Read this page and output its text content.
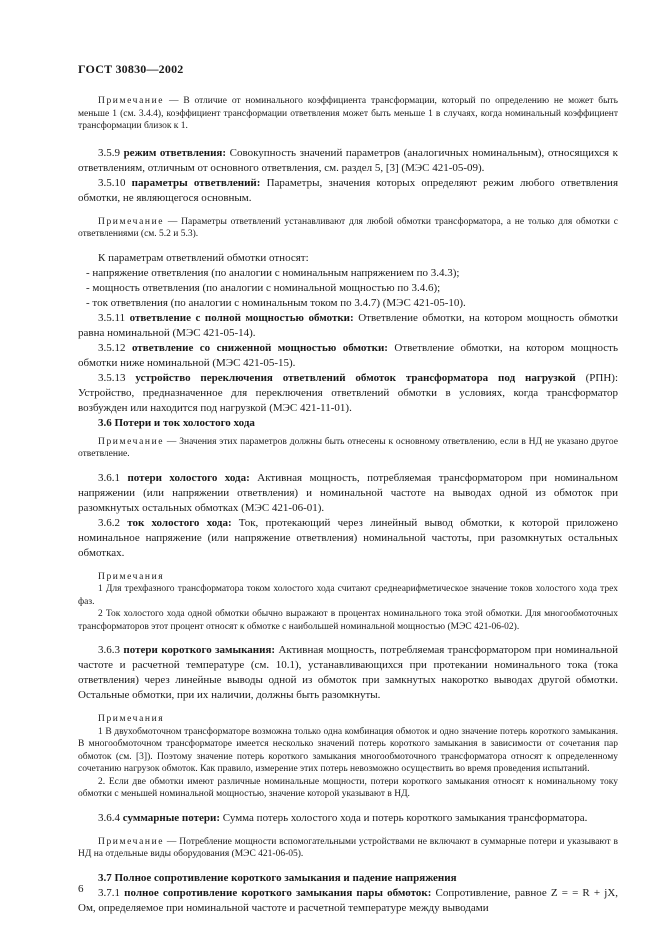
ГОСТ 30830—2002

Примечание — В отличие от номинального коэффициента трансформации, который по определению не может быть меньше 1 (см. 3.4.4), коэффициент трансформации ответвления может быть меньше 1 в случаях, когда номинальный коэффициент трансформации близок к 1.

3.5.9 режим ответвления: Совокупность значений параметров (аналогичных номинальным), относящихся к ответвлениям, отличным от основного ответвления, см. раздел 5, [3] (МЭС 421-05-09).

3.5.10 параметры ответвлений: Параметры, значения которых определяют режим любого ответвления обмотки, не являющегося основным.

Примечание — Параметры ответвлений устанавливают для любой обмотки трансформатора, а не только для обмотки с ответвлениями (см. 5.2 и 5.3).

К параметрам ответвлений обмотки относят:

- напряжение ответвления (по аналогии с номинальным напряжением по 3.4.3);

- мощность ответвления (по аналогии с номинальной мощностью по 3.4.6);

- ток ответвления (по аналогии с номинальным током по 3.4.7) (МЭС 421-05-10).

3.5.11 ответвление с полной мощностью обмотки: Ответвление обмотки, на котором мощность обмотки равна номинальной (МЭС 421-05-14).

3.5.12 ответвление со сниженной мощностью обмотки: Ответвление обмотки, на котором мощность обмотки ниже номинальной (МЭС 421-05-15).

3.5.13 устройство переключения ответвлений обмоток трансформатора под нагрузкой (РПН): Устройство, предназначенное для переключения ответвлений обмотки в условиях, когда трансформатор возбужден или находится под нагрузкой (МЭС 421-11-01).

3.6 Потери и ток холостого хода

Примечание — Значения этих параметров должны быть отнесены к основному ответвлению, если в НД не указано другое ответвление.

3.6.1 потери холостого хода: Активная мощность, потребляемая трансформатором при номинальном напряжении (или напряжении ответвления) и номинальной частоте на выводах одной из обмоток при разомкнутых остальных обмотках (МЭС 421-06-01).

3.6.2 ток холостого хода: Ток, протекающий через линейный вывод обмотки, к которой приложено номинальное напряжение (или напряжение ответвления) номинальной частоты, при разомкнутых остальных обмотках.

Примечания

1 Для трехфазного трансформатора током холостого хода считают среднеарифметическое значение токов холостого хода трех фаз.

2 Ток холостого хода одной обмотки обычно выражают в процентах номинального тока этой обмотки. Для многообмоточных трансформаторов этот процент относят к обмотке с наибольшей номинальной мощностью (МЭС 421-06-02).

3.6.3 потери короткого замыкания: Активная мощность, потребляемая трансформатором при номинальной частоте и расчетной температуре (см. 10.1), устанавливающихся при протекании номинального тока (тока ответвления) через линейные выводы одной из обмоток при замкнутых накоротко выводах другой обмотки. Остальные обмотки, при их наличии, должны быть разомкнуты.

Примечания

1 В двухобмоточном трансформаторе возможна только одна комбинация обмоток и одно значение потерь короткого замыкания. В многообмоточном трансформаторе имеется несколько значений потерь короткого замыкания в зависимости от сочетания пар обмоток (см. [3]). Поэтому значение потерь короткого замыкания многообмоточного трансформатора относят к определенному сочетанию нагрузок обмоток. Как правило, измерение этих потерь невозможно осуществить во время проведения испытаний.

2. Если две обмотки имеют различные номинальные мощности, потери короткого замыкания относят к номинальному току обмотки с меньшей номинальной мощностью, значение которой указывают в НД.

3.6.4 суммарные потери: Сумма потерь холостого хода и потерь короткого замыкания трансформатора.

Примечание — Потребление мощности вспомогательными устройствами не включают в суммарные потери и указывают в НД на отдельные виды оборудования (МЭС 421-06-05).

3.7 Полное сопротивление короткого замыкания и падение напряжения

3.7.1 полное сопротивление короткого замыкания пары обмоток: Сопротивление, равное Z = = R + jX, Ом, определяемое при номинальной частоте и расчетной температуре между выводами

6
